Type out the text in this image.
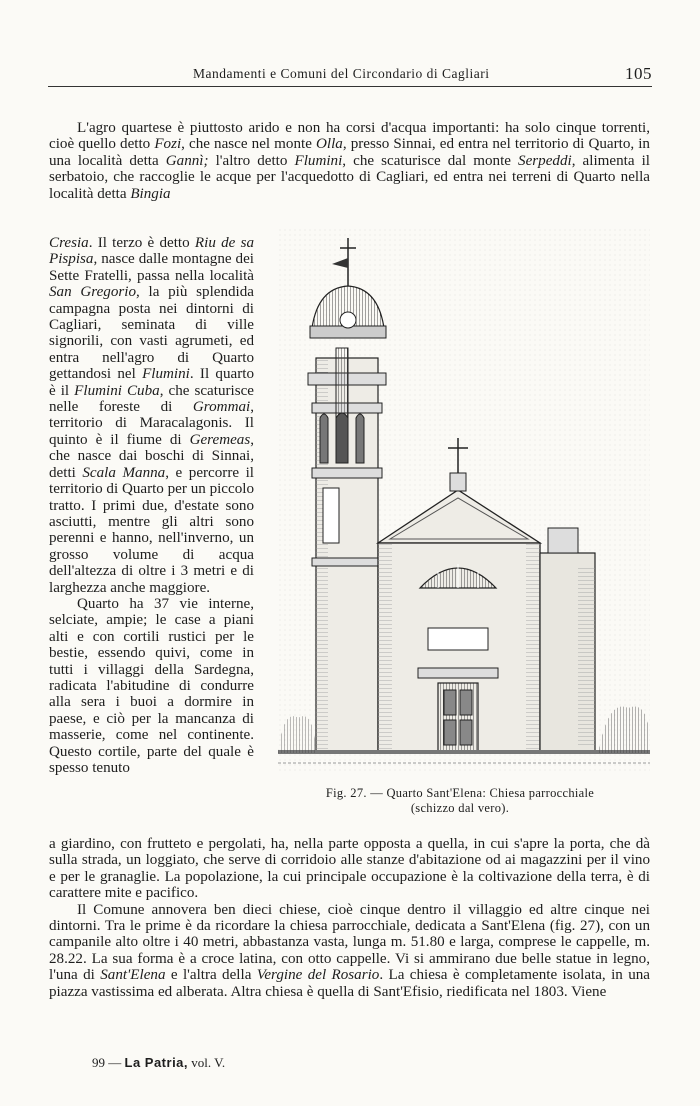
Mandamenti e Comuni del Circondario di Cagliari	105

L'agro quartese è piuttosto arido e non ha corsi d'acqua importanti: ha solo cinque torrenti, cioè quello detto Fozi, che nasce nel monte Olla, presso Sinnai, ed entra nel territorio di Quarto, in una località detta Gannì; l'altro detto Flumini, che scaturisce dal monte Serpeddi, alimenta il serbatoio, che raccoglie le acque per l'acquedotto di Cagliari, ed entra nei terreni di Quarto nella località detta Bingia

Cresia. Il terzo è detto Riu de sa Pispisa, nasce dalle montagne dei Sette Fratelli, passa nella località San Gregorio, la più splendida campagna posta nei dintorni di Cagliari, seminata di ville signorili, con vasti agrumeti, ed entra nell'agro di Quarto gettandosi nel Flumini. Il quarto è il Flumini Cuba, che scaturisce nelle foreste di Grommai, territorio di Maracalagonis. Il quinto è il fiume di Geremeas, che nasce dai boschi di Sinnai, detti Scala Manna, e percorre il territorio di Quarto per un piccolo tratto. I primi due, d'estate sono asciutti, mentre gli altri sono perenni e hanno, nell'inverno, un grosso volume di acqua dell'altezza di oltre i 3 metri e di larghezza anche maggiore.

Quarto ha 37 vie interne, selciate, ampie; le case a piani alti e con cortili rustici per le bestie, essendo quivi, come in tutti i villaggi della Sardegna, radicata l'abitudine di condurre alla sera i buoi a dormire in paese, e ciò per la mancanza di masserie, come nel continente. Questo cortile, parte del quale è spesso tenuto

Fig. 27. — Quarto Sant'Elena: Chiesa parrocchiale
(schizzo dal vero).

a giardino, con frutteto e pergolati, ha, nella parte opposta a quella, in cui s'apre la porta, che dà sulla strada, un loggiato, che serve di corridoio alle stanze d'abitazione od ai magazzini per il vino e per le granaglie. La popolazione, la cui principale occupazione è la coltivazione della terra, è di carattere mite e pacifico.

Il Comune annovera ben dieci chiese, cioè cinque dentro il villaggio ed altre cinque nei dintorni. Tra le prime è da ricordare la chiesa parrocchiale, dedicata a Sant'Elena (fig. 27), con un campanile alto oltre i 40 metri, abbastanza vasta, lunga m. 51.80 e larga, comprese le cappelle, m. 28.22. La sua forma è a croce latina, con otto cappelle. Vi si ammirano due belle statue in legno, l'una di Sant'Elena e l'altra della Vergine del Rosario. La chiesa è completamente isolata, in una piazza vastissima ed alberata. Altra chiesa è quella di Sant'Efisio, riedificata nel 1803. Viene

99 — La Patria, vol. V.
